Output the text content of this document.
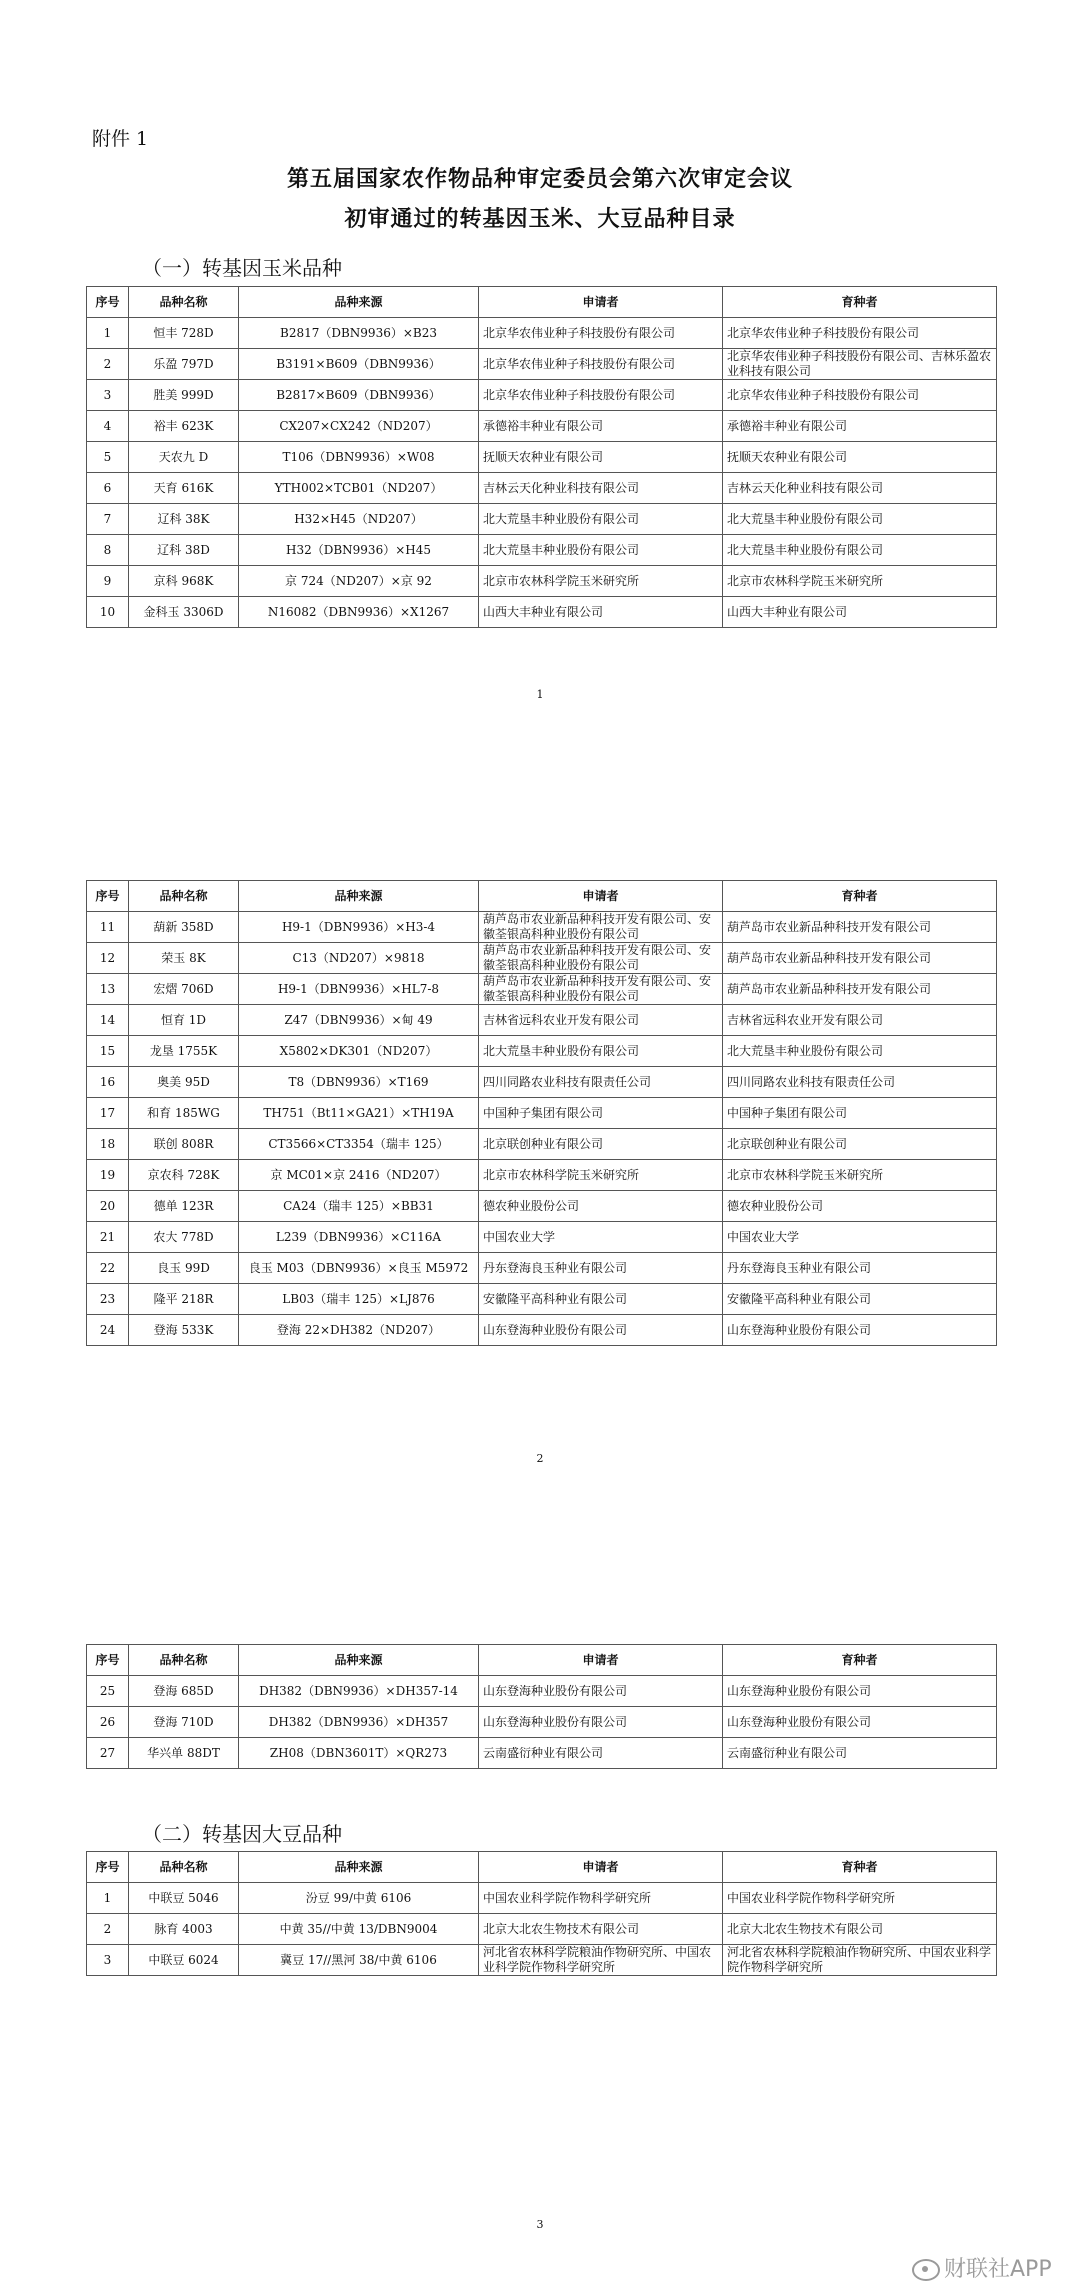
附件 1
第五届国家农作物品种审定委员会第六次审定会议
初审通过的转基因玉米、大豆品种目录
（一）转基因玉米品种
序号	品种名称	品种来源	申请者	育种者
1	恒丰 728D	B2817（DBN9936）×B23	北京华农伟业种子科技股份有限公司	北京华农伟业种子科技股份有限公司
2	乐盈 797D	B3191×B609（DBN9936）	北京华农伟业种子科技股份有限公司	北京华农伟业种子科技股份有限公司、吉林乐盈农业科技有限公司
3	胜美 999D	B2817×B609（DBN9936）	北京华农伟业种子科技股份有限公司	北京华农伟业种子科技股份有限公司
4	裕丰 623K	CX207×CX242（ND207）	承德裕丰种业有限公司	承德裕丰种业有限公司
5	天农九 D	T106（DBN9936）×W08	抚顺天农种业有限公司	抚顺天农种业有限公司
6	天育 616K	YTH002×TCB01（ND207）	吉林云天化种业科技有限公司	吉林云天化种业科技有限公司
7	辽科 38K	H32×H45（ND207）	北大荒垦丰种业股份有限公司	北大荒垦丰种业股份有限公司
8	辽科 38D	H32（DBN9936）×H45	北大荒垦丰种业股份有限公司	北大荒垦丰种业股份有限公司
9	京科 968K	京 724（ND207）×京 92	北京市农林科学院玉米研究所	北京市农林科学院玉米研究所
10	金科玉 3306D	N16082（DBN9936）×X1267	山西大丰种业有限公司	山西大丰种业有限公司
1
序号	品种名称	品种来源	申请者	育种者
11	葫新 358D	H9-1（DBN9936）×H3-4	葫芦岛市农业新品种科技开发有限公司、安徽荃银高科种业股份有限公司	葫芦岛市农业新品种科技开发有限公司
12	荣玉 8K	C13（ND207）×9818	葫芦岛市农业新品种科技开发有限公司、安徽荃银高科种业股份有限公司	葫芦岛市农业新品种科技开发有限公司
13	宏熠 706D	H9-1（DBN9936）×HL7-8	葫芦岛市农业新品种科技开发有限公司、安徽荃银高科种业股份有限公司	葫芦岛市农业新品种科技开发有限公司
14	恒育 1D	Z47（DBN9936）×甸 49	吉林省远科农业开发有限公司	吉林省远科农业开发有限公司
15	龙垦 1755K	X5802×DK301（ND207）	北大荒垦丰种业股份有限公司	北大荒垦丰种业股份有限公司
16	奥美 95D	T8（DBN9936）×T169	四川同路农业科技有限责任公司	四川同路农业科技有限责任公司
17	和育 185WG	TH751（Bt11×GA21）×TH19A	中国种子集团有限公司	中国种子集团有限公司
18	联创 808R	CT3566×CT3354（瑞丰 125）	北京联创种业有限公司	北京联创种业有限公司
19	京农科 728K	京 MC01×京 2416（ND207）	北京市农林科学院玉米研究所	北京市农林科学院玉米研究所
20	德单 123R	CA24（瑞丰 125）×BB31	德农种业股份公司	德农种业股份公司
21	农大 778D	L239（DBN9936）×C116A	中国农业大学	中国农业大学
22	良玉 99D	良玉 M03（DBN9936）×良玉 M5972	丹东登海良玉种业有限公司	丹东登海良玉种业有限公司
23	隆平 218R	LB03（瑞丰 125）×LJ876	安徽隆平高科种业有限公司	安徽隆平高科种业有限公司
24	登海 533K	登海 22×DH382（ND207）	山东登海种业股份有限公司	山东登海种业股份有限公司
2
序号	品种名称	品种来源	申请者	育种者
25	登海 685D	DH382（DBN9936）×DH357-14	山东登海种业股份有限公司	山东登海种业股份有限公司
26	登海 710D	DH382（DBN9936）×DH357	山东登海种业股份有限公司	山东登海种业股份有限公司
27	华兴单 88DT	ZH08（DBN3601T）×QR273	云南盛衍种业有限公司	云南盛衍种业有限公司
（二）转基因大豆品种
序号	品种名称	品种来源	申请者	育种者
1	中联豆 5046	汾豆 99/中黄 6106	中国农业科学院作物科学研究所	中国农业科学院作物科学研究所
2	脉育 4003	中黄 35//中黄 13/DBN9004	北京大北农生物技术有限公司	北京大北农生物技术有限公司
3	中联豆 6024	冀豆 17//黑河 38/中黄 6106	河北省农林科学院粮油作物研究所、中国农业科学院作物科学研究所	河北省农林科学院粮油作物研究所、中国农业科学院作物科学研究所
3
财联社APP
